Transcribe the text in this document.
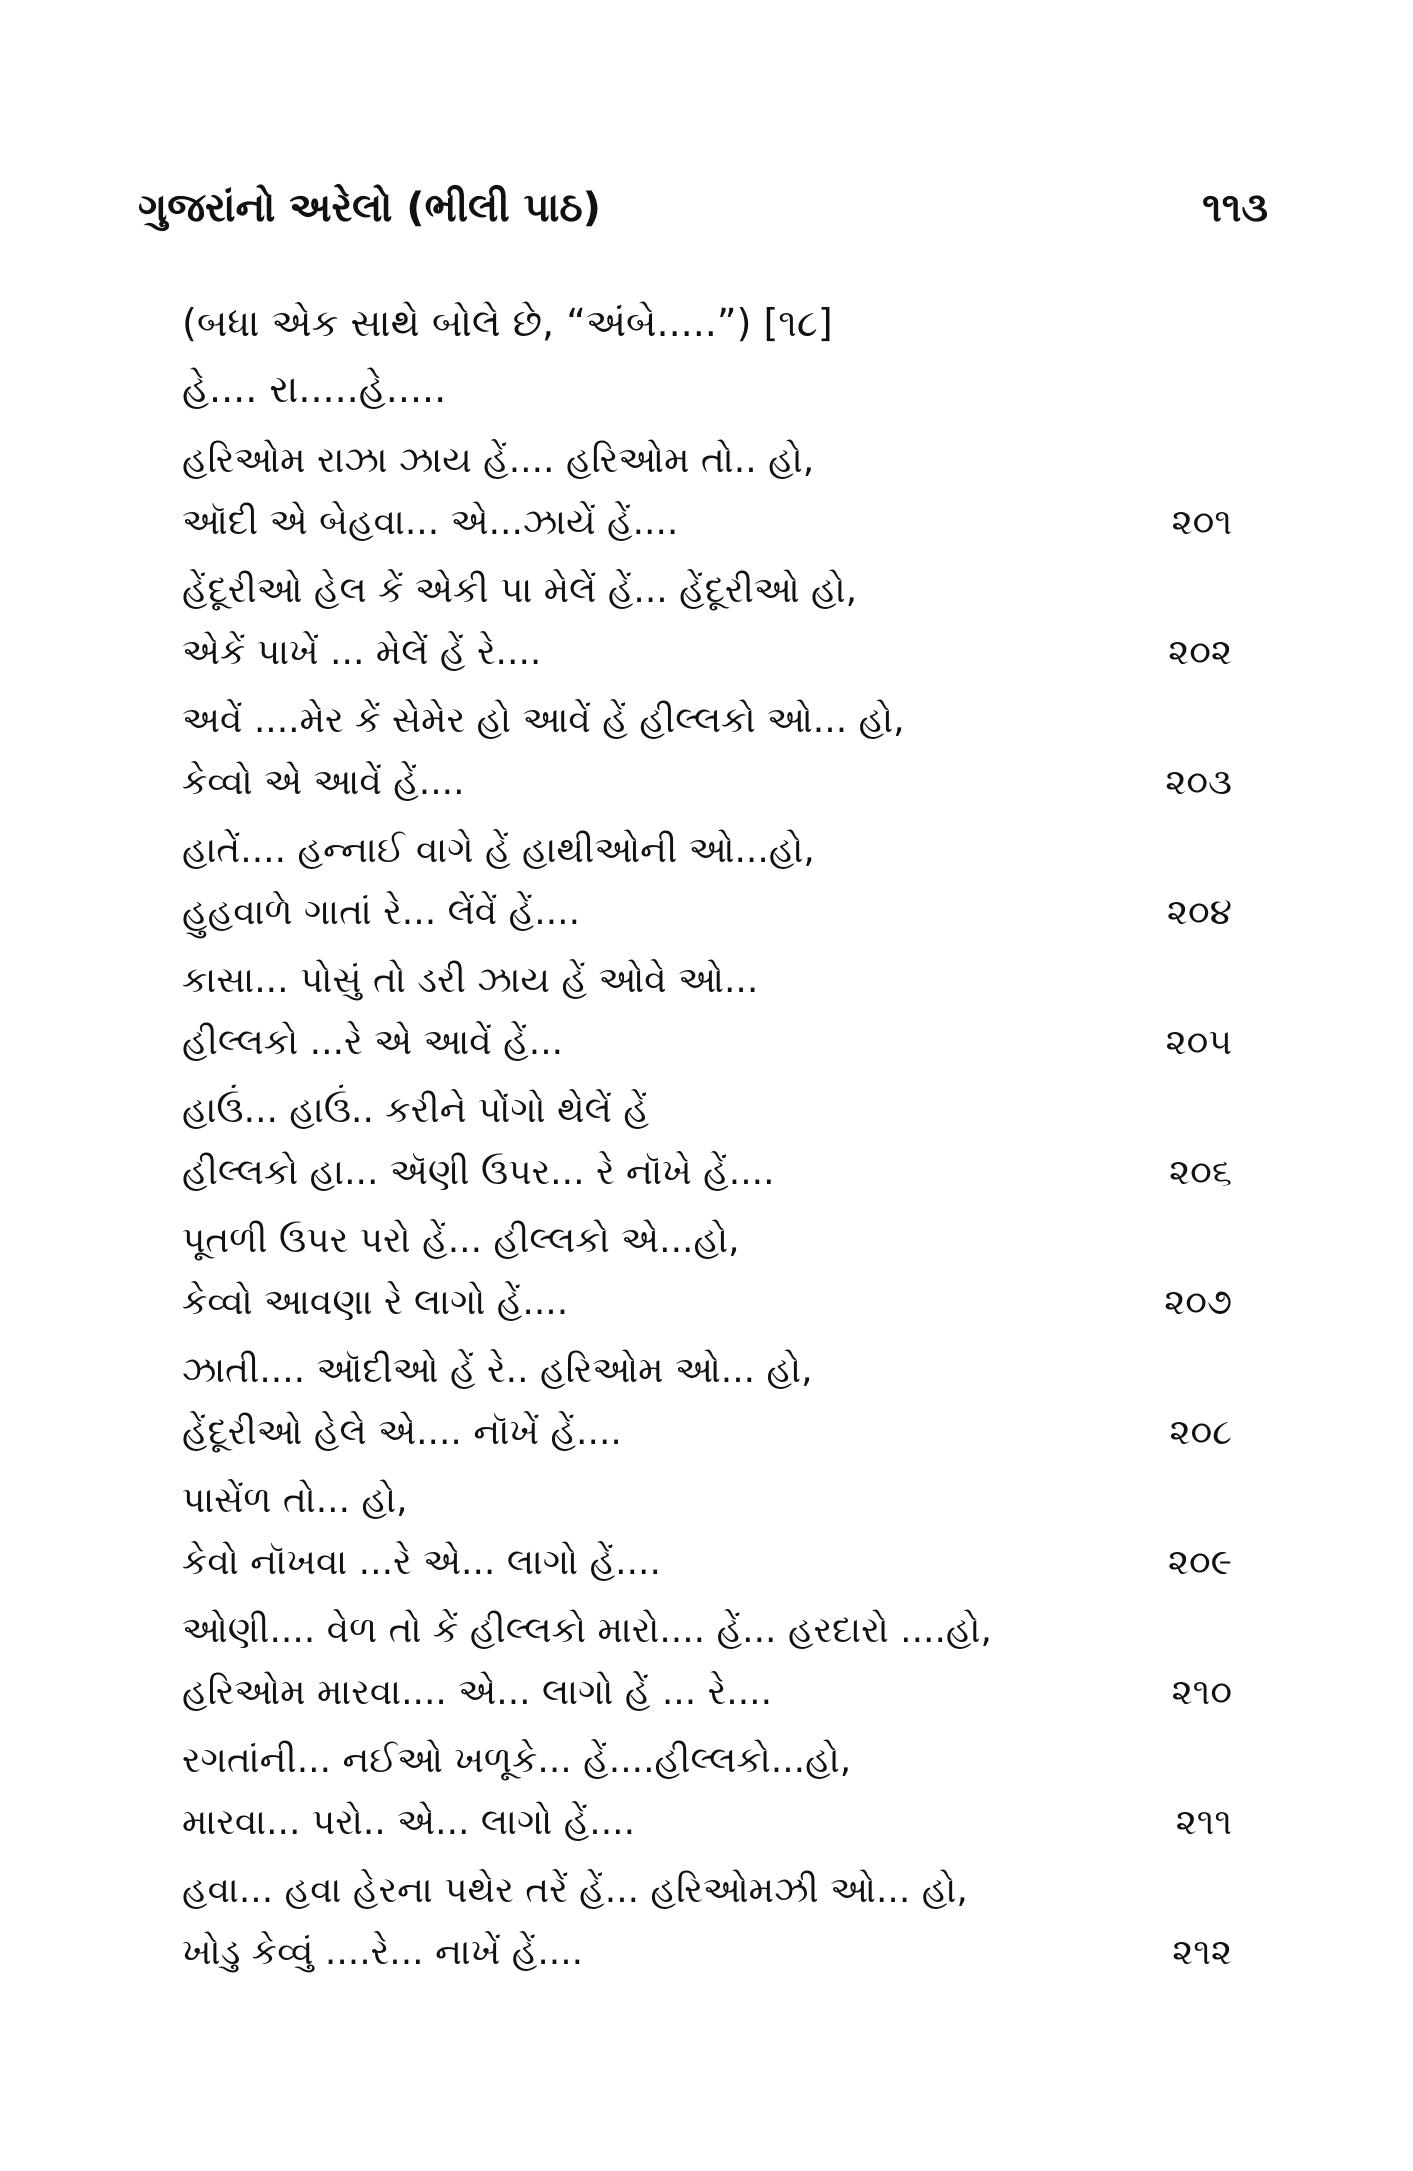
ગુજરાંનો અરેલો (ભીલી પાઠ)	૧૧૩
(બધા એક સાથે બોલે છે, “અંબે.....”) [૧૮]
હે.... રા.....હે.....
હરિઓમ રાઝા ઝાય હેં.... હરિઓમ તો.. હો,
ઑદી એ બેહવા... એ...ઝાયેં હેં....	૨૦૧
હેંદૂરીઓ હેલ કેં એકી પા મેલેં હેં... હેંદૂરીઓ હો,
એકેં પાખેં ... મેલેં હેં રે....	૨૦૨
અવેં ....મેર કેં સેમેર હો આવેં હેં હીલ્લકો ઓ... હો,
કેવ્વો એ આવેં હેં....	૨૦૩
હાતેં.... હન્નાઈ વાગે હેં હાથીઓની ઓ...હો,
હુહવાળે ગાતાં રે... લેંવેં હેં....	૨૦૪
કાસા... પોસું તો ડરી ઝાય હેં ઓવે ઓ...
હીલ્લકો ...રે એ આવેં હેં...	૨૦૫
હાઉં... હાઉં.. કરીને પોંગો થેલેં હેં
હીલ્લકો હા... ઍણી ઉપર... રે નૉખે હેં....	૨૦૬
પૂતળી ઉપર પરો હેં... હીલ્લકો એ...હો,
કેવ્વો આવણા રે લાગો હેં....	૨૦૭
ઝાતી.... ઑદીઓ હેં રે.. હરિઓમ ઓ... હો,
હેંદૂરીઓ હેલે એ.... નૉખેં હેં....	૨૦૮
પાસેંળ તો... હો,
કેવો નૉખવા ...રે એ... લાગો હેં....	૨૦૯
ઓણી.... વેળ તો કેં હીલ્લકો મારો.... હેં... હરદારો ....હો,
હરિઓમ મારવા.... એ... લાગો હેં ... રે....	૨૧૦
રગતાંની... નઈઓ ખળૂકે... હેં....હીલ્લકો...હો,
મારવા... પરો.. એ... લાગો હેં....	૨૧૧
હવા... હવા હેરના પથેર તરેં હેં... હરિઓમઝી ઓ... હો,
ખોડુ કેવ્વું ....રે... નાખેં હેં....	૨૧૨
